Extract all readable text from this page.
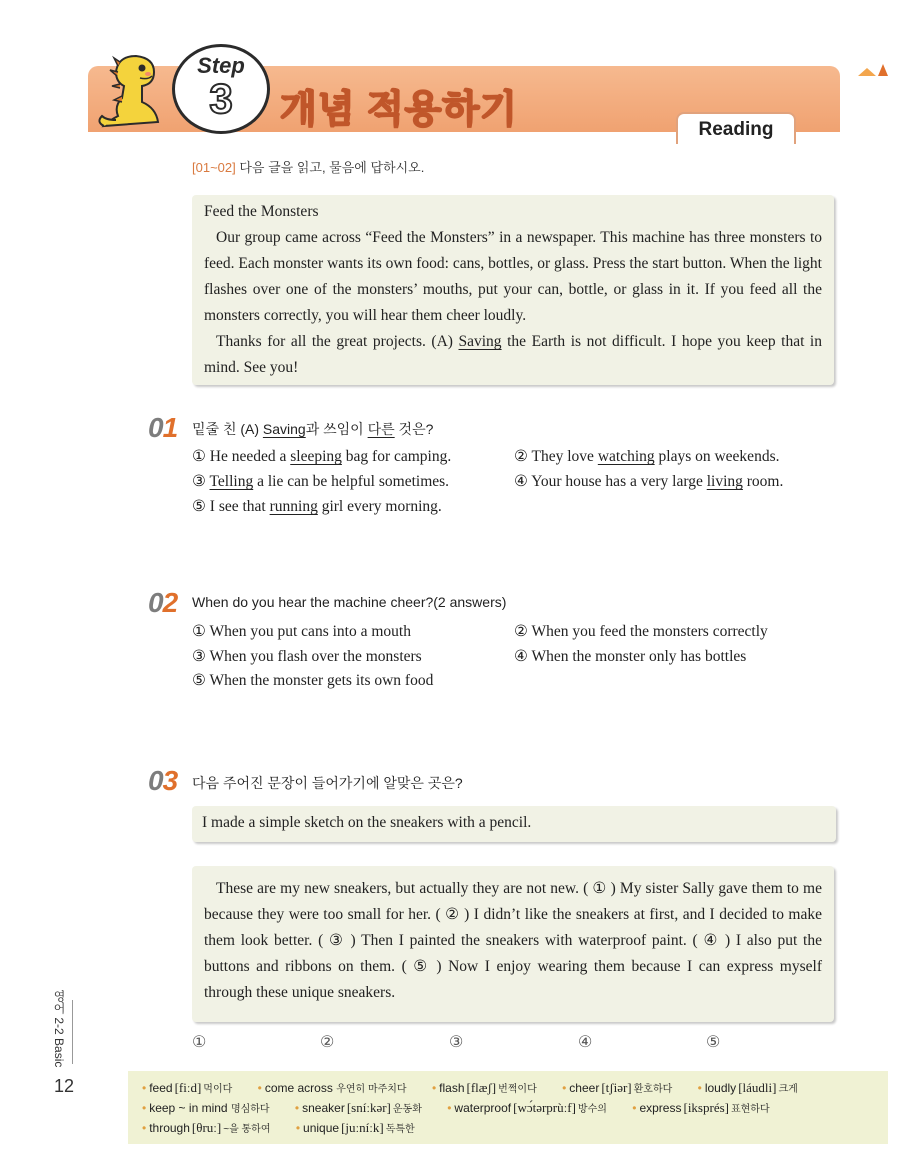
Step
3	개념 적용하기	Reading
[01~02] 다음 글을 읽고, 물음에 답하시오.

Feed the Monsters

Our group came across “Feed the Monsters” in a newspaper. This machine has three monsters to feed. Each monster wants its own food: cans, bottles, or glass. Press the start button. When the light flashes over one of the monsters’ mouths, put your can, bottle, or glass in it. If you feed all the monsters correctly, you will hear them cheer loudly.

Thanks for all the great projects. (A) Saving the Earth is not difficult. I hope you keep that in mind. See you!

01 밑줄 친 (A) Saving과 쓰임이 다른 것은?
① He needed a sleeping bag for camping.	② They love watching plays on weekends.
③ Telling a lie can be helpful sometimes.	④ Your house has a very large living room.
⑤ I see that running girl every morning.
02 When do you hear the machine cheer?(2 answers)
① When you put cans into a mouth	② When you feed the monsters correctly
③ When you flash over the monsters	④ When the monster only has bottles
⑤ When the monster gets its own food
03 다음 주어진 문장이 들어가기에 알맞은 곳은?

I made a simple sketch on the sneakers with a pencil.

These are my new sneakers, but actually they are not new. ( ① ) My sister Sally gave them to me because they were too small for her. ( ② ) I didn’t like the sneakers at first, and I decided to make them look better. ( ③ ) Then I painted the sneakers with waterproof paint. ( ④ ) I also put the buttons and ribbons on them. ( ⑤ ) Now I enjoy wearing them because I can express myself through these unique sneakers.

①	②	③	④	⑤
영어 2-2 Basic
12	• feed [fiːd] 먹이다 • come across 우연히 마주치다 • flash [flæʃ] 번쩍이다 • cheer [tʃiər] 환호하다 • loudly [láudli] 크게
• keep ~ in mind 명심하다 • sneaker [sníːkər] 운동화 • waterproof [wɔ́tərprùːf] 방수의 • express [iksprés] 표현하다
• through [θruː] ~을 통하여 • unique [juːníːk] 독특한
